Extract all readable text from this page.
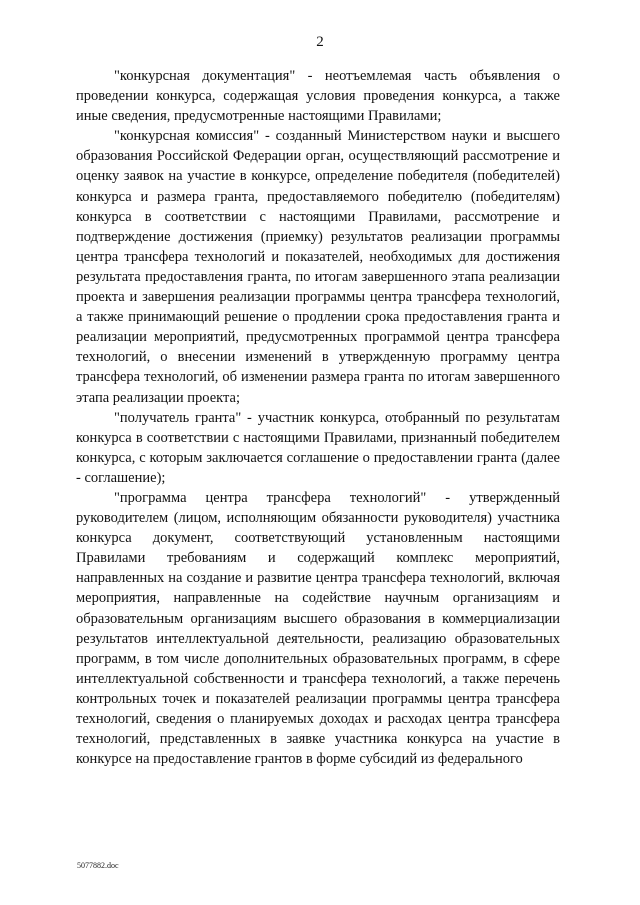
2

"конкурсная документация" - неотъемлемая часть объявления о проведении конкурса, содержащая условия проведения конкурса, а также иные сведения, предусмотренные настоящими Правилами;

"конкурсная комиссия" - созданный Министерством науки и высшего образования Российской Федерации орган, осуществляющий рассмотрение и оценку заявок на участие в конкурсе, определение победителя (победителей) конкурса и размера гранта, предоставляемого победителю (победителям) конкурса в соответствии с настоящими Правилами, рассмотрение и подтверждение достижения (приемку) результатов реализации программы центра трансфера технологий и показателей, необходимых для достижения результата предоставления гранта, по итогам завершенного этапа реализации проекта и завершения реализации программы центра трансфера технологий, а также принимающий решение о продлении срока предоставления гранта и реализации мероприятий, предусмотренных программой центра трансфера технологий, о внесении изменений в утвержденную программу центра трансфера технологий, об изменении размера гранта по итогам завершенного этапа реализации проекта;

"получатель гранта" - участник конкурса, отобранный по результатам конкурса в соответствии с настоящими Правилами, признанный победителем конкурса, с которым заключается соглашение о предоставлении гранта (далее - соглашение);

"программа центра трансфера технологий" - утвержденный руководителем (лицом, исполняющим обязанности руководителя) участника конкурса документ, соответствующий установленным настоящими Правилами требованиям и содержащий комплекс мероприятий, направленных на создание и развитие центра трансфера технологий, включая мероприятия, направленные на содействие научным организациям и образовательным организациям высшего образования в коммерциализации результатов интеллектуальной деятельности, реализацию образовательных программ, в том числе дополнительных образовательных программ, в сфере интеллектуальной собственности и трансфера технологий, а также перечень контрольных точек и показателей реализации программы центра трансфера технологий, сведения о планируемых доходах и расходах центра трансфера технологий, представленных в заявке участника конкурса на участие в конкурсе на предоставление грантов в форме субсидий из федерального

5077882.doc
